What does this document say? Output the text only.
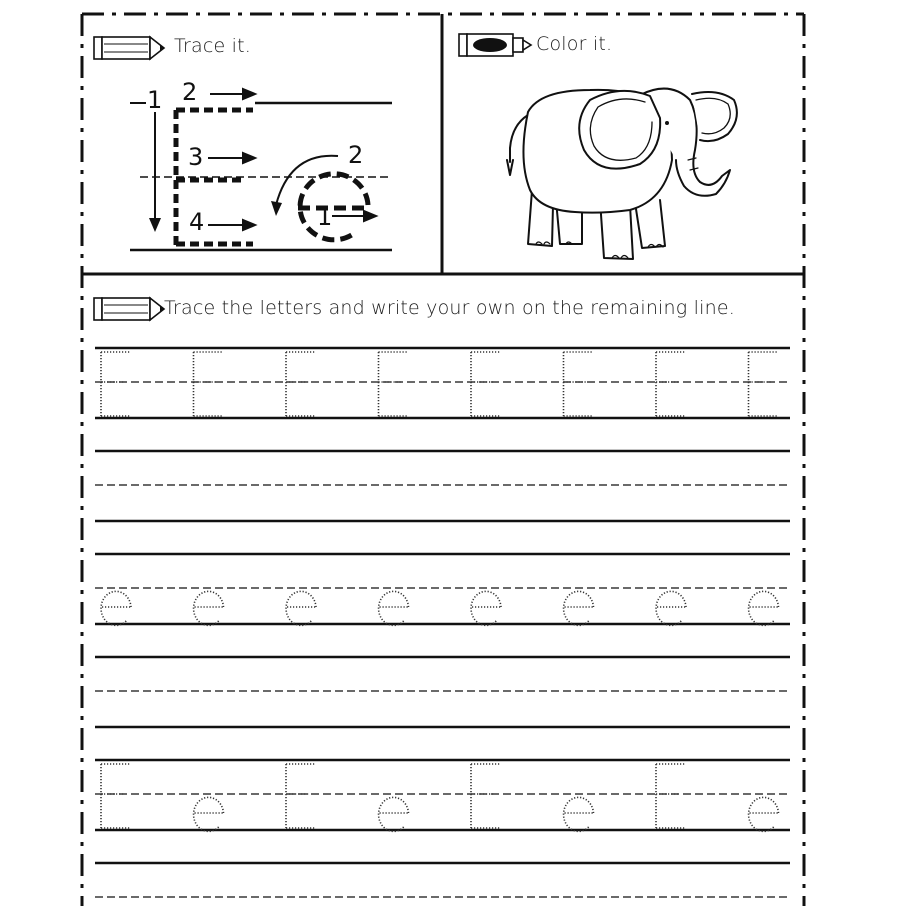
Trace it.
1 2
3
4
2
1
Color it.
Trace the letters and write your own on the remaining line.
